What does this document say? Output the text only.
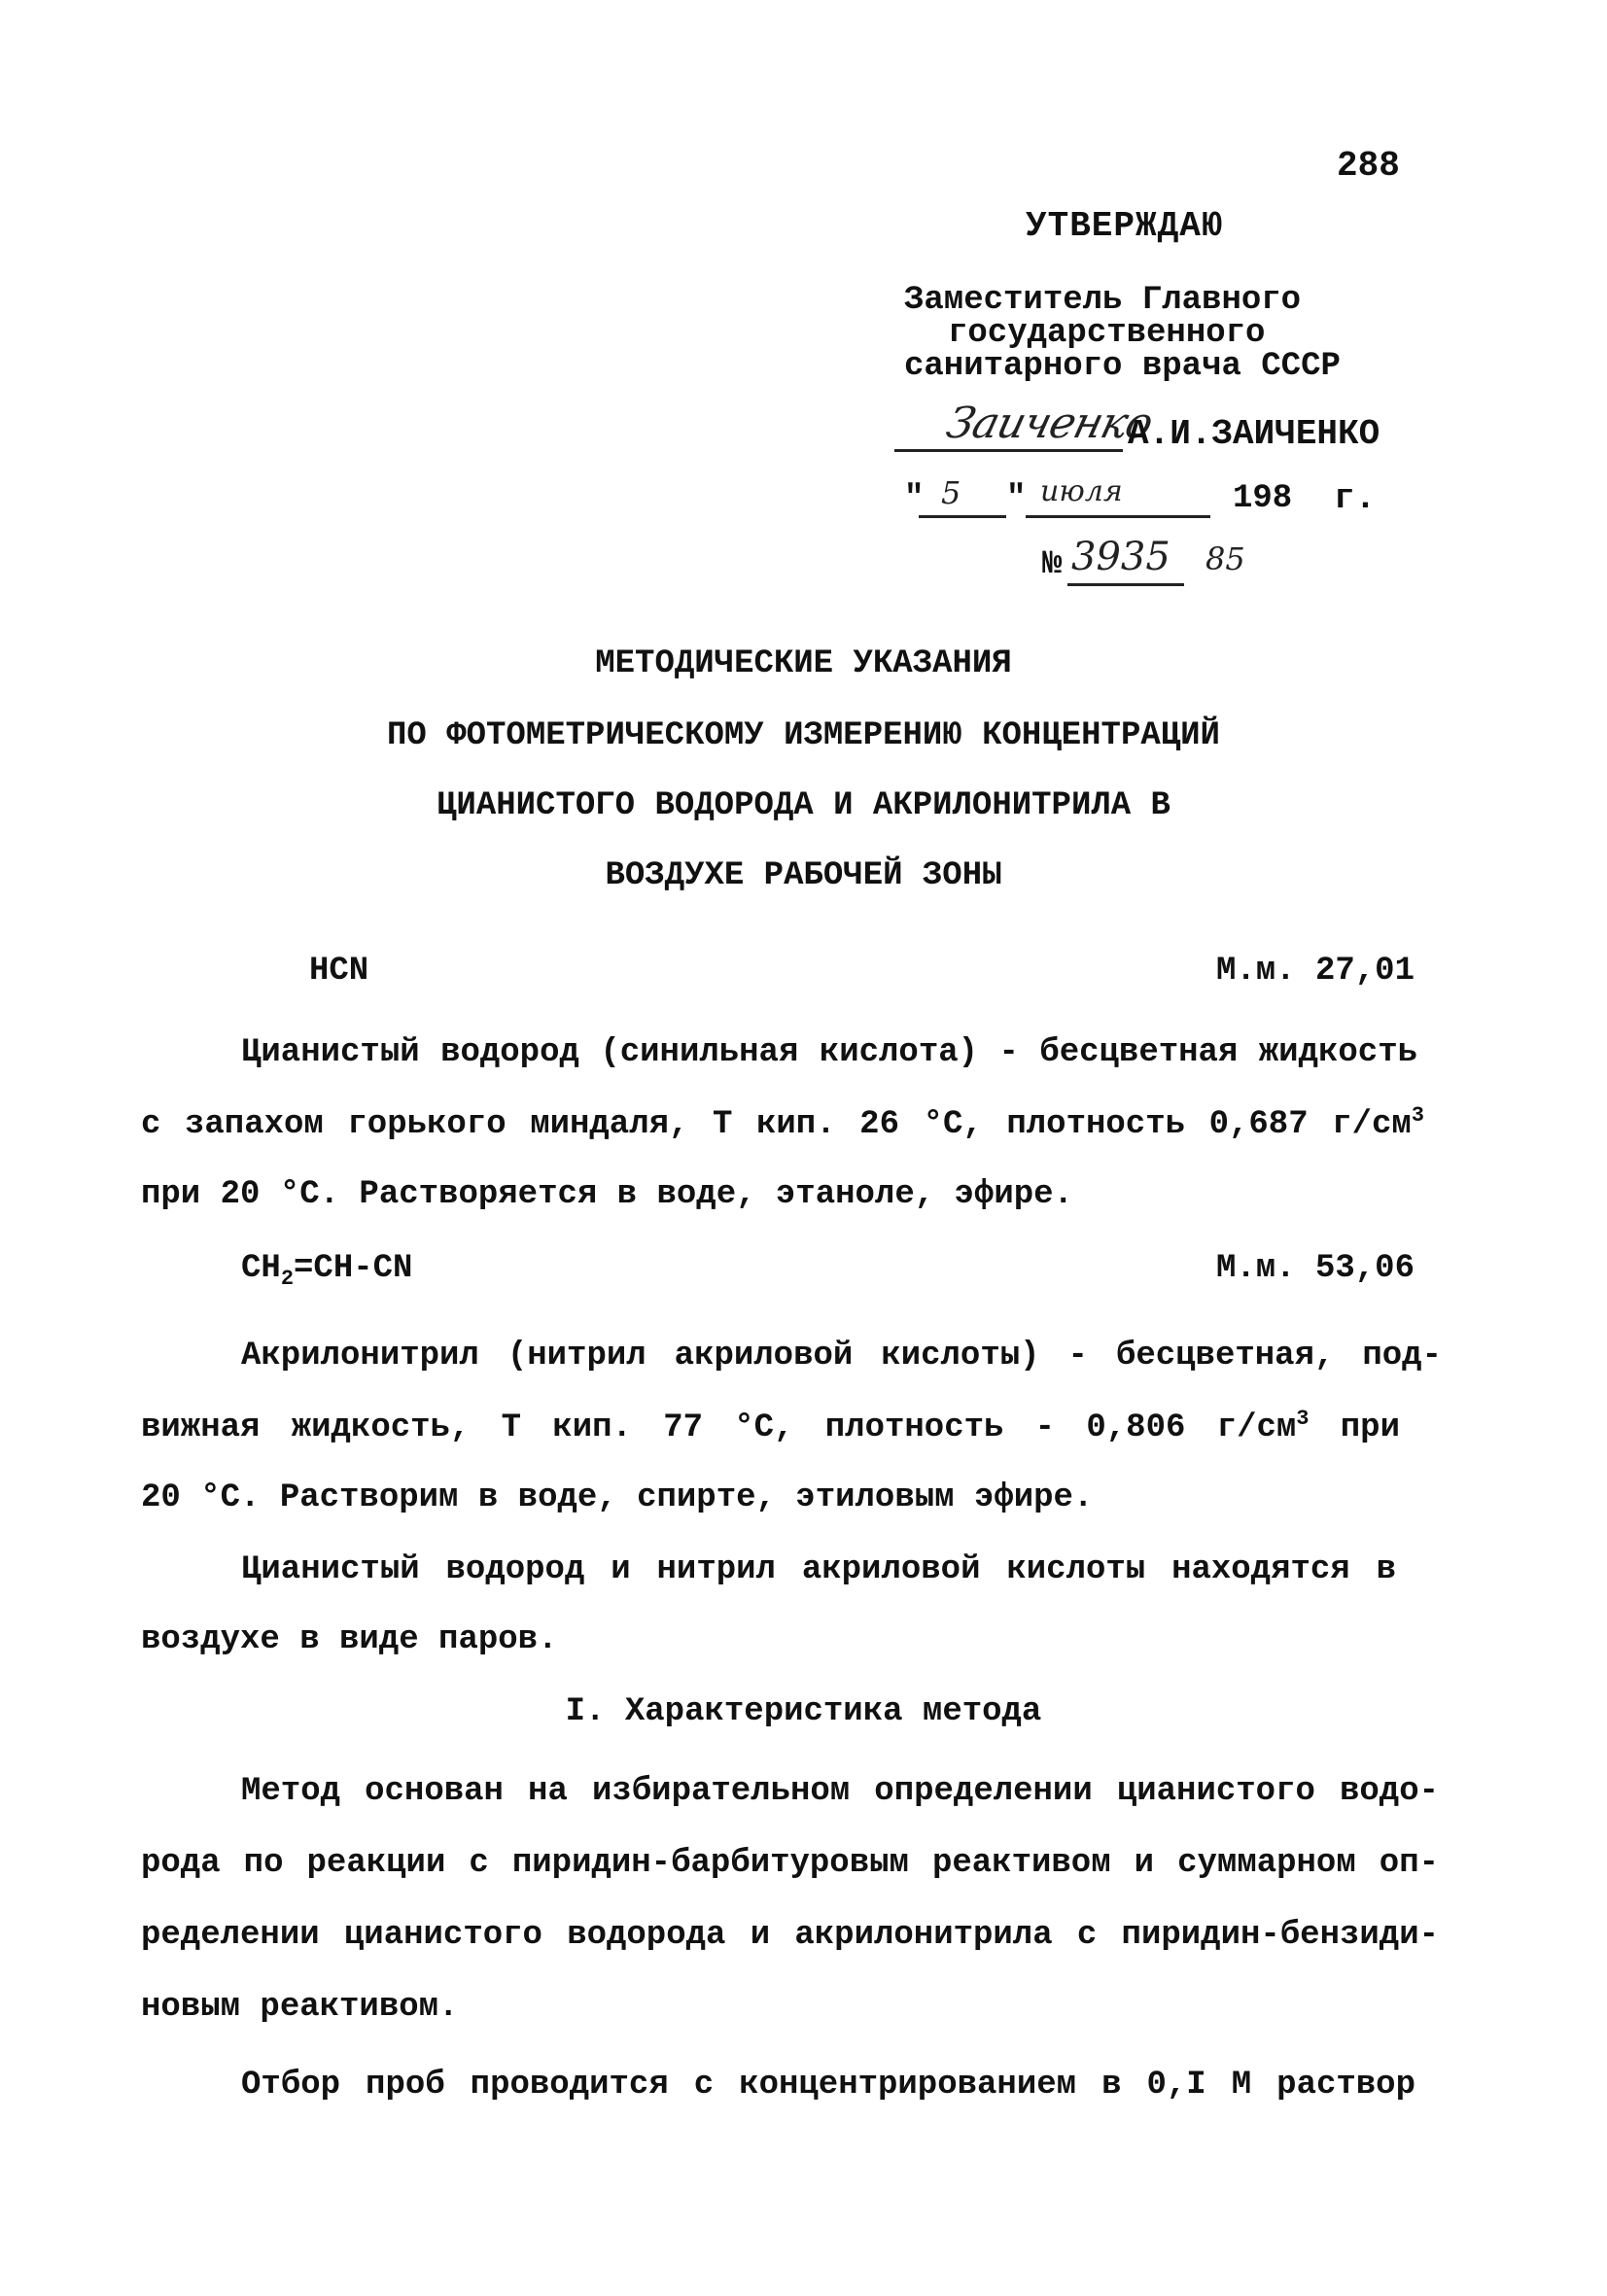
288
УТВЕРЖДАЮ
Заместитель Главного
государственного
санитарного врача СССР
Заиченко
А.И.ЗАИЧЕНКО
" 5 " июля	198 г.
№ 3935 85
МЕТОДИЧЕСКИЕ УКАЗАНИЯ
ПО ФОТОМЕТРИЧЕСКОМУ ИЗМЕРЕНИЮ КОНЦЕНТРАЦИЙ
ЦИАНИСТОГО ВОДОРОДА И АКРИЛОНИТРИЛА В
ВОЗДУХЕ РАБОЧЕЙ ЗОНЫ
HCN	М.м. 27,01
Цианистый водород (синильная кислота) - бесцветная жидкость
с запахом горького миндаля, Т кип. 26 °С, плотность 0,687 $г/см^3$
при 20 °С. Растворяется в воде, этаноле, эфире.
$CH_2=CH-CN$	М.м. 53,06
Акрилонитрил (нитрил акриловой кислоты) - бесцветная, под-
вижная жидкость, Т кип. 77 °С, плотность - 0,806 $г/см^3$ при
20 °С. Растворим в воде, спирте, этиловым эфире.
Цианистый водород и нитрил акриловой кислоты находятся в
воздухе в виде паров.
I. Характеристика метода
Метод основан на избирательном определении цианистого водо-
рода по реакции с пиридин-барбитуровым реактивом и суммарном оп-
ределении цианистого водорода и акрилонитрила с пиридин-бензиди-
новым реактивом.
Отбор проб проводится с концентрированием в 0,I М раствор
